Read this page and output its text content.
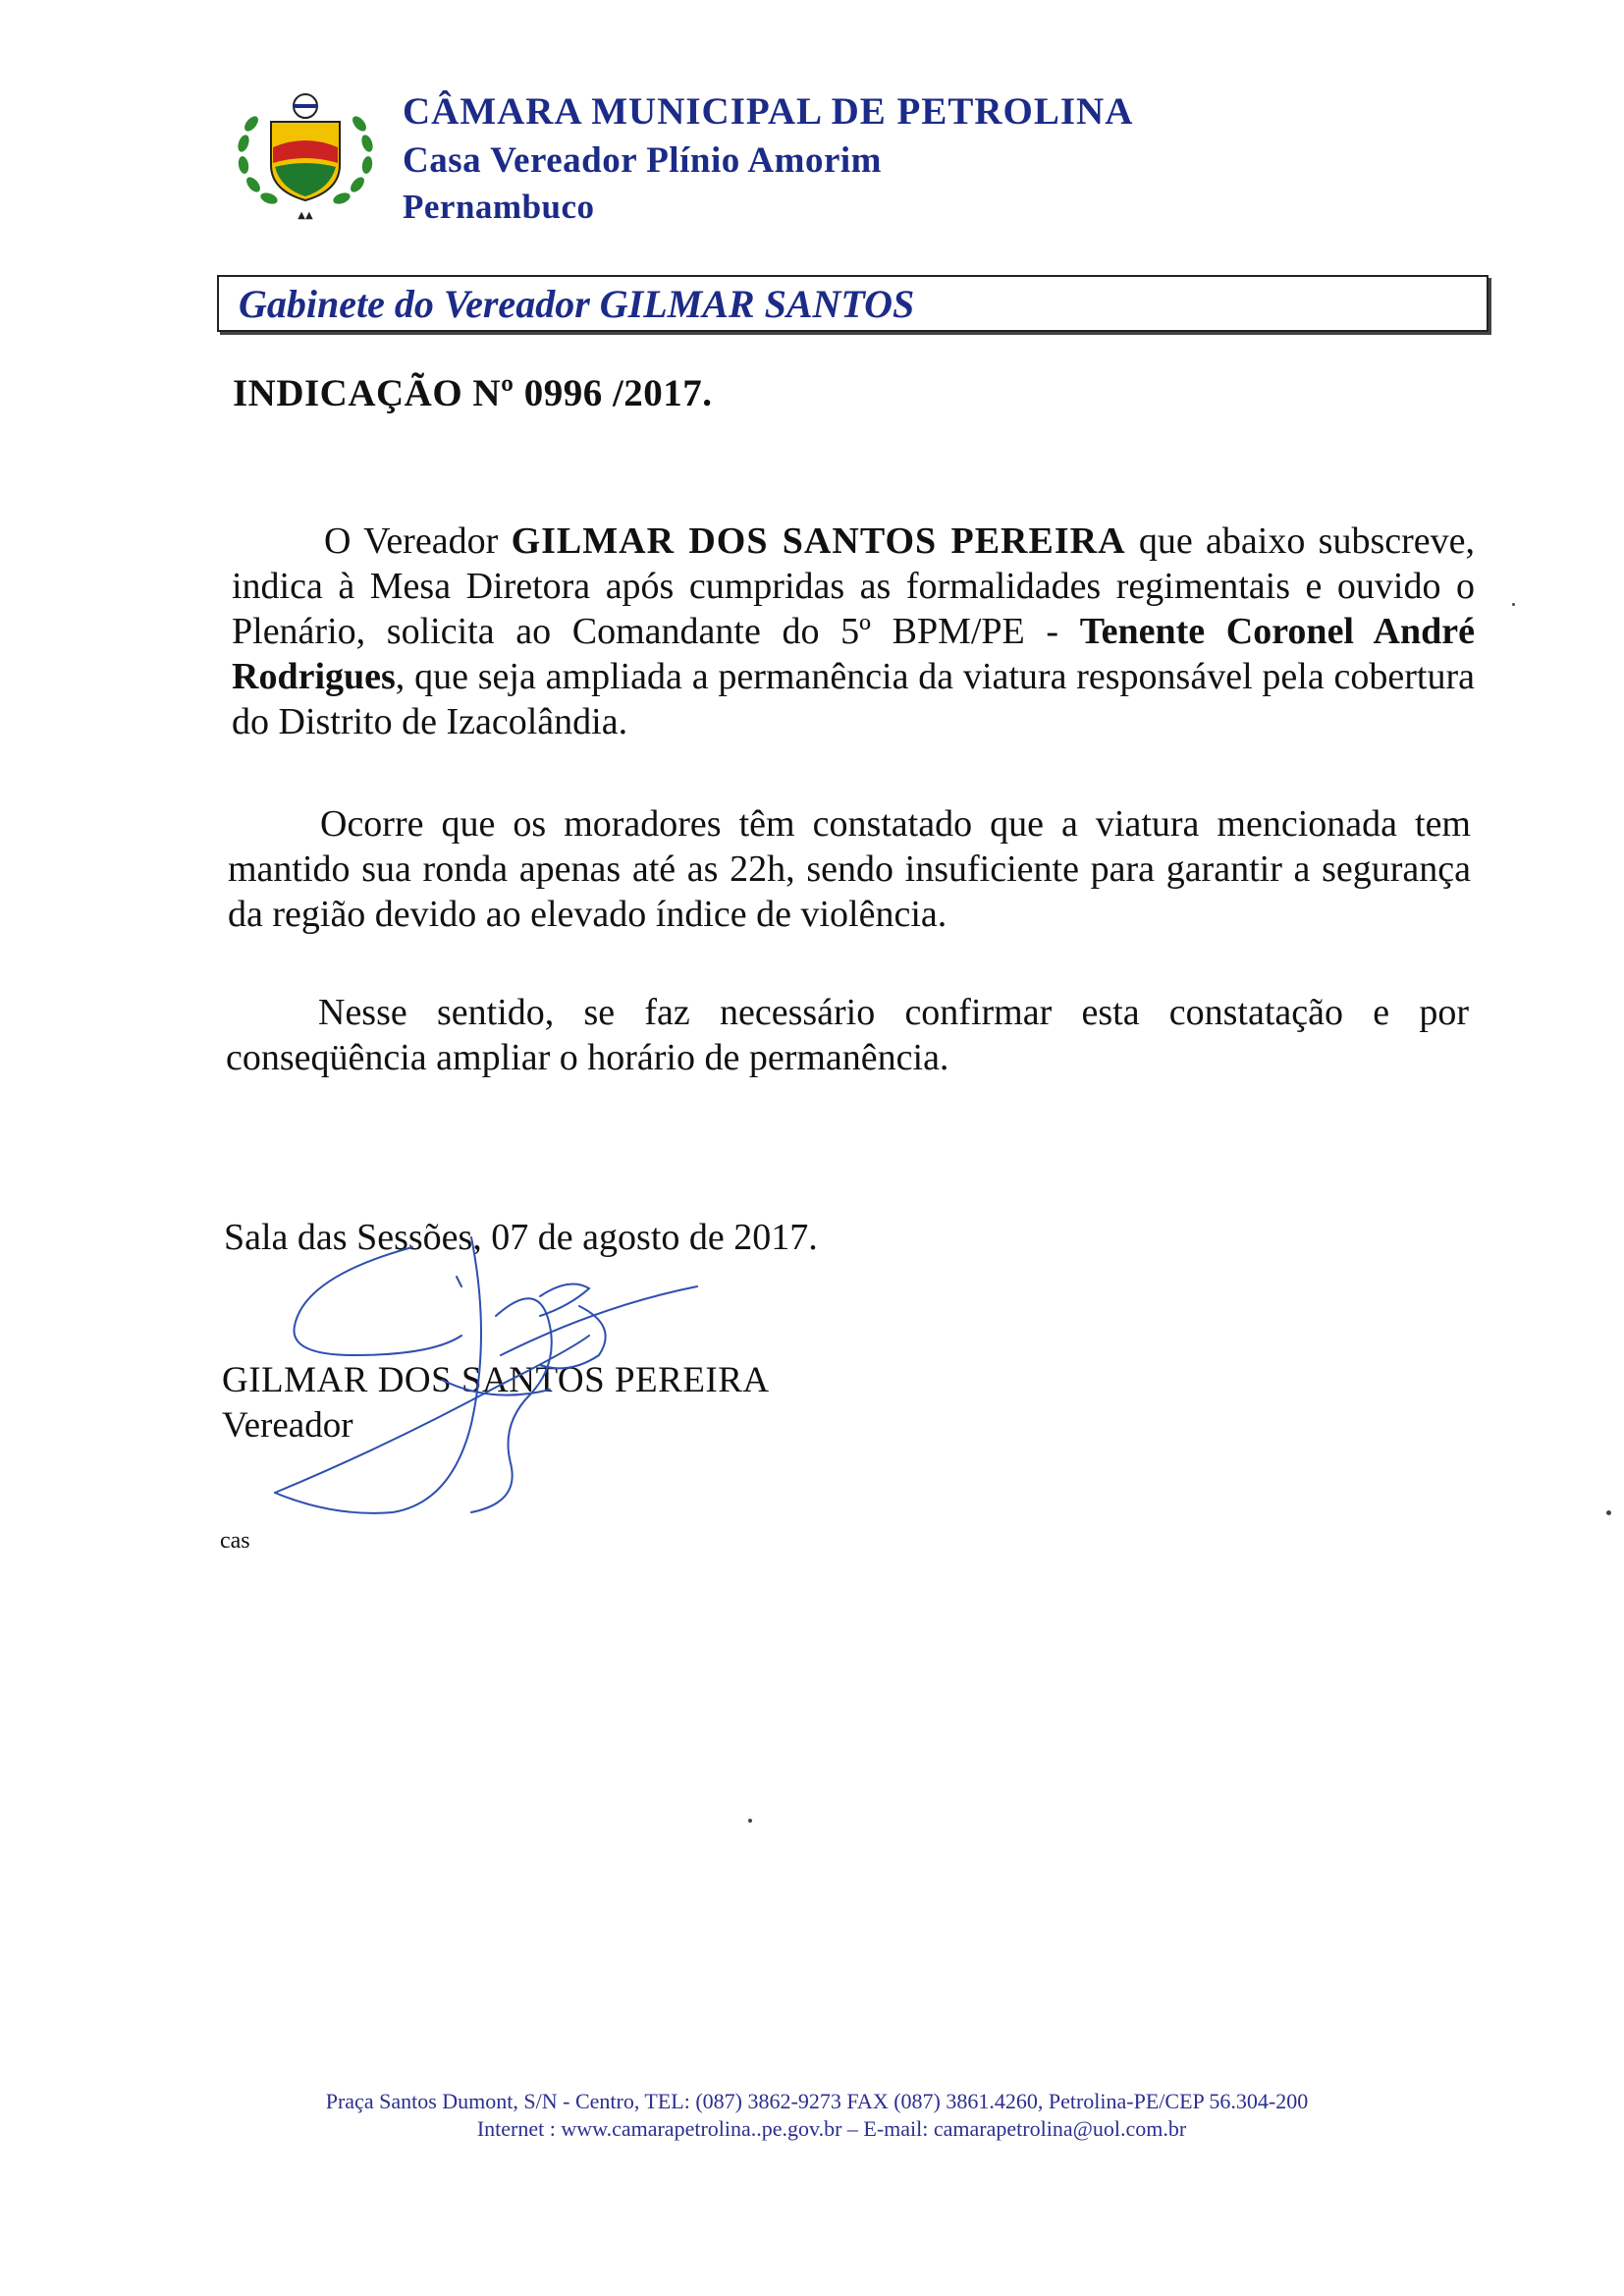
▲▲
CÂMARA MUNICIPAL DE PETROLINA
Casa Vereador Plínio Amorim
Pernambuco
Gabinete do Vereador GILMAR SANTOS
INDICAÇÃO Nº 0996 /2017.
O Vereador GILMAR DOS SANTOS PEREIRA que abaixo subscreve, indica à Mesa Diretora após cumpridas as formalidades regimentais e ouvido o Plenário, solicita ao Comandante do 5º BPM/PE - Tenente Coronel André Rodrigues, que seja ampliada a permanência da viatura responsável pela cobertura do Distrito de Izacolândia.
Ocorre que os moradores têm constatado que a viatura mencionada tem mantido sua ronda apenas até as 22h, sendo insuficiente para garantir a segurança da região devido ao elevado índice de violência.
Nesse sentido, se faz necessário confirmar esta constatação e por conseqüência ampliar o horário de permanência.
Sala das Sessões, 07 de agosto de 2017.
GILMAR DOS SANTOS PEREIRA
Vereador
cas
Praça Santos Dumont, S/N - Centro, TEL: (087) 3862-9273 FAX (087) 3861.4260, Petrolina-PE/CEP 56.304-200
Internet : www.camarapetrolina..pe.gov.br – E-mail: camarapetrolina@uol.com.br
